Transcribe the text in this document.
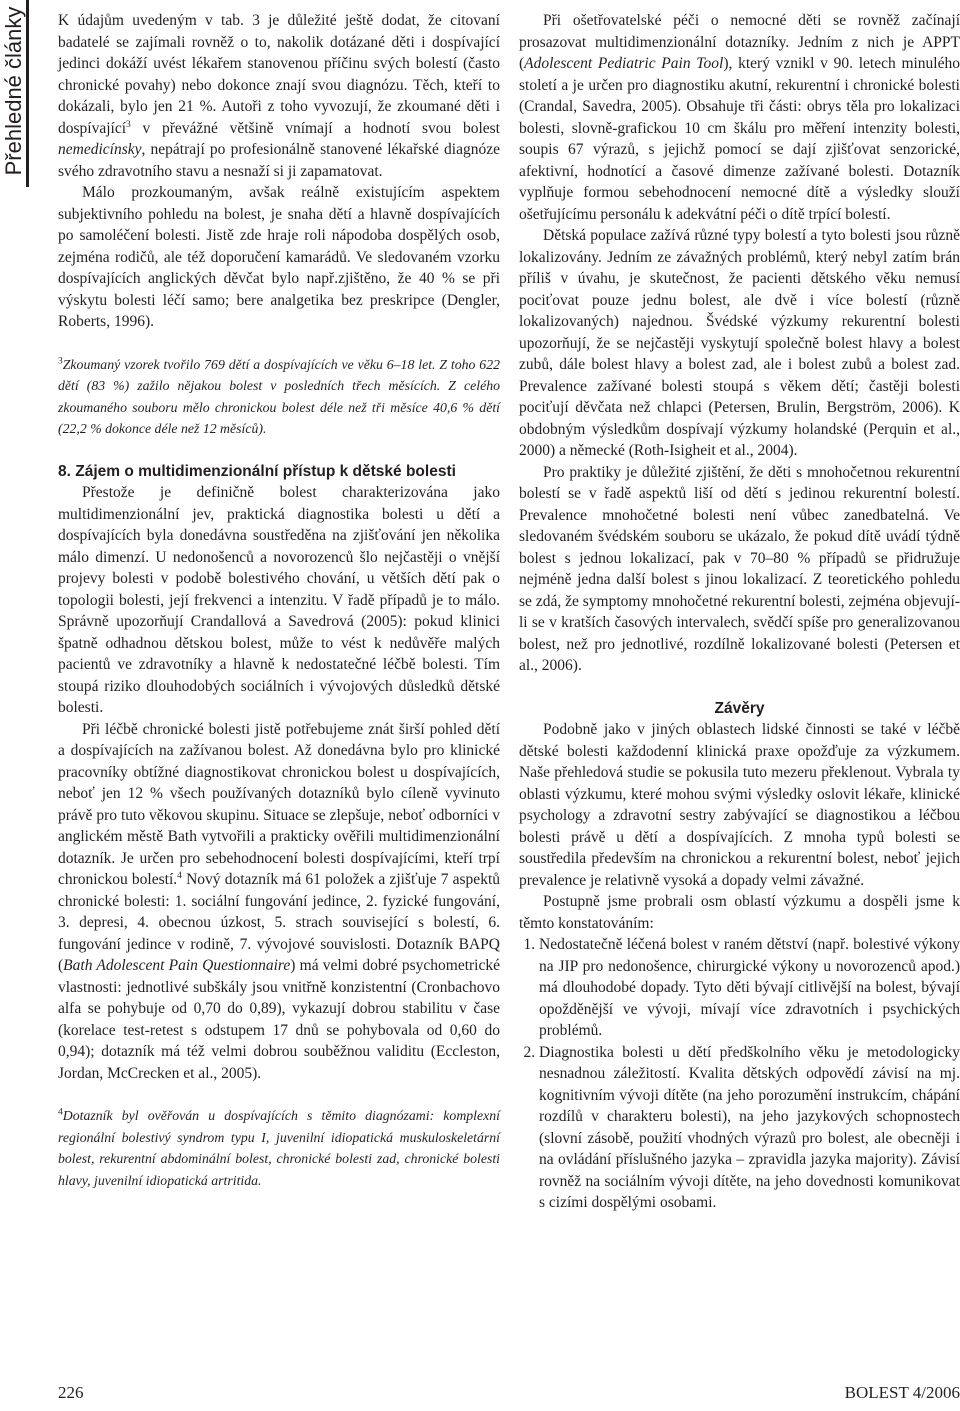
Přehledné články K údajům uvedeným v tab. 3 je důležité ještě dodat, že citovaní badatelé se zajímali rovněž o to, nakolik dotázané děti i dospívající jedinci dokáží uvést lékařem stanovenou příčinu svých bolestí (často chronické povahy) nebo dokonce znají svou diagnózu. Těch, kteří to dokázali, bylo jen 21 %. Autoři z toho vyvozují, že zkoumané děti i dospívající$^3$ v převážné většině vnímají a hodnotí svou bolest nemedicínsky, nepátrají po profesionálně stanovené lékařské diagnóze svého zdravotního stavu a nesnaží si ji zapamatovat.

Málo prozkoumaným, avšak reálně existujícím aspektem subjektivního pohledu na bolest, je snaha dětí a hlavně dospívajících po samoléčení bolesti. Jistě zde hraje roli nápodoba dospělých osob, zejména rodičů, ale též doporučení kamarádů. Ve sledovaném vzorku dospívajících anglických děvčat bylo např.zjištěno, že 40 % se při výskytu bolesti léčí samo; bere analgetika bez preskripce (Dengler, Roberts, 1996).

$^3$Zkoumaný vzorek tvořilo 769 dětí a dospívajících ve věku 6–18 let. Z toho 622 dětí (83 %) zažilo nějakou bolest v posledních třech měsících. Z celého zkoumaného souboru mělo chronickou bolest déle než tři měsíce 40,6 % dětí (22,2 % dokonce déle než 12 měsíců).

8. Zájem o multidimenzionální přístup k dětské bolesti

Přestože je definičně bolest charakterizována jako multidimenzionální jev, praktická diagnostika bolesti u dětí a dospívajících byla donedávna soustředěna na zjišťování jen několika málo dimenzí. U nedonošenců a novorozenců šlo nejčastěji o vnější projevy bolesti v podobě bolestivého chování, u větších dětí pak o topologii bolesti, její frekvenci a intenzitu. V řadě případů je to málo. Správně upozorňují Crandallová a Savedrová (2005): pokud klinici špatně odhadnou dětskou bolest, může to vést k nedůvěře malých pacientů ve zdravotníky a hlavně k nedostatečné léčbě bolesti. Tím stoupá riziko dlouhodobých sociálních i vývojových důsledků dětské bolesti.

Při léčbě chronické bolesti jistě potřebujeme znát širší pohled dětí a dospívajících na zažívanou bolest. Až donedávna bylo pro klinické pracovníky obtížné diagnostikovat chronickou bolest u dospívajících, neboť jen 12 % všech používaných dotazníků bylo cíleně vyvinuto právě pro tuto věkovou skupinu. Situace se zlepšuje, neboť odborníci v anglickém městě Bath vytvořili a prakticky ověřili multidimenzionální dotazník. Je určen pro sebehodnocení bolesti dospívajícími, kteří trpí chronickou bolestí.$^4$ Nový dotazník má 61 položek a zjišťuje 7 aspektů chronické bolesti: 1. sociální fungování jedince, 2. fyzické fungování, 3. depresi, 4. obecnou úzkost, 5. strach související s bolestí, 6. fungování jedince v rodině, 7. vývojové souvislosti. Dotazník BAPQ (Bath Adolescent Pain Questionnaire) má velmi dobré psychometrické vlastnosti: jednotlivé subškály jsou vnitřně konzistentní (Cronbachovo alfa se pohybuje od 0,70 do 0,89), vykazují dobrou stabilitu v čase (korelace test-retest s odstupem 17 dnů se pohybovala od 0,60 do 0,94); dotazník má též velmi dobrou souběžnou validitu (Eccleston, Jordan, McCrecken et al., 2005).

$^4$Dotazník byl ověřován u dospívajících s těmito diagnózami: komplexní regionální bolestivý syndrom typu I, juvenilní idiopatická muskuloskeletární bolest, rekurentní abdominální bolest, chronické bolesti zad, chronické bolesti hlavy, juvenilní idiopatická artritida.

Při ošetřovatelské péči o nemocné děti se rovněž začínají prosazovat multidimenzionální dotazníky. Jedním z nich je APPT (Adolescent Pediatric Pain Tool), který vznikl v 90. letech minulého století a je určen pro diagnostiku akutní, rekurentní i chronické bolesti (Crandal, Savedra, 2005). Obsahuje tři části: obrys těla pro lokalizaci bolesti, slovně-grafickou 10 cm škálu pro měření intenzity bolesti, soupis 67 výrazů, s jejichž pomocí se dají zjišťovat senzorické, afektivní, hodnotící a časové dimenze zažívané bolesti. Dotazník vyplňuje formou sebehodnocení nemocné dítě a výsledky slouží ošetřujícímu personálu k adekvátní péči o dítě trpící bolestí.

Dětská populace zažívá různé typy bolestí a tyto bolesti jsou různě lokalizovány. Jedním ze závažných problémů, který nebyl zatím brán příliš v úvahu, je skutečnost, že pacienti dětského věku nemusí pociťovat pouze jednu bolest, ale dvě i více bolestí (různě lokalizovaných) najednou. Švédské výzkumy rekurentní bolesti upozorňují, že se nejčastěji vyskytují společně bolest hlavy a bolest zubů, dále bolest hlavy a bolest zad, ale i bolest zubů a bolest zad. Prevalence zažívané bolesti stoupá s věkem dětí; častěji bolesti pociťují děvčata než chlapci (Petersen, Brulin, Bergström, 2006). K obdobným výsledkům dospívají výzkumy holandské (Perquin et al., 2000) a německé (Roth-Isigheit et al., 2004).

Pro praktiky je důležité zjištění, že děti s mnohočetnou rekurentní bolestí se v řadě aspektů liší od dětí s jedinou rekurentní bolestí. Prevalence mnohočetné bolesti není vůbec zanedbatelná. Ve sledovaném švédském souboru se ukázalo, že pokud dítě uvádí týdně bolest s jednou lokalizací, pak v 70–80 % případů se přidružuje nejméně jedna další bolest s jinou lokalizací. Z teoretického pohledu se zdá, že symptomy mnohočetné rekurentní bolesti, zejména objevují-li se v kratších časových intervalech, svědčí spíše pro generalizovanou bolest, než pro jednotlivé, rozdílně lokalizované bolesti (Petersen et al., 2006).

Závěry

Podobně jako v jiných oblastech lidské činnosti se také v léčbě dětské bolesti každodenní klinická praxe opožďuje za výzkumem. Naše přehledová studie se pokusila tuto mezeru překlenout. Vybrala ty oblasti výzkumu, které mohou svými výsledky oslovit lékaře, klinické psychology a zdravotní sestry zabývající se diagnostikou a léčbou bolesti právě u dětí a dospívajících. Z mnoha typů bolesti se soustředila především na chronickou a rekurentní bolest, neboť jejich prevalence je relativně vysoká a dopady velmi závažné.

Postupně jsme probrali osm oblastí výzkumu a dospěli jsme k těmto konstatováním:

1. Nedostatečně léčená bolest v raném dětství (např. bolestivé výkony na JIP pro nedonošence, chirurgické výkony u novorozenců apod.) má dlouhodobé dopady. Tyto děti bývají citlivější na bolest, bývají opožděnější ve vývoji, mívají více zdravotních i psychických problémů.
2. Diagnostika bolesti u dětí předškolního věku je metodologicky nesnadnou záležitostí. Kvalita dětských odpovědí závisí na mj. kognitivním vývoji dítěte (na jeho porozumění instrukcím, chápání rozdílů v charakteru bolesti), na jeho jazykových schopnostech (slovní zásobě, použití vhodných výrazů pro bolest, ale obecněji i na ovládání příslušného jazyka – zpravidla jazyka majority). Závisí rovněž na sociálním vývoji dítěte, na jeho dovednosti komunikovat s cizími dospělými osobami.
226	BOLEST 4/2006
